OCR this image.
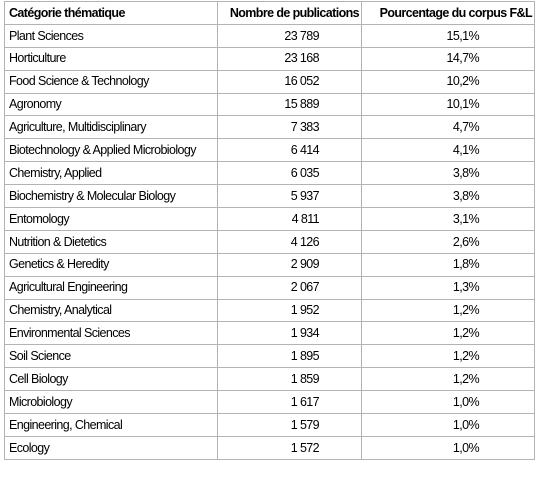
Catégorie thématique	Nombre de publications	Pourcentage du corpus F&L
Plant Sciences	23 789	15,1%
Horticulture	23 168	14,7%
Food Science & Technology	16 052	10,2%
Agronomy	15 889	10,1%
Agriculture, Multidisciplinary	7 383	4,7%
Biotechnology & Applied Microbiology	6 414	4,1%
Chemistry, Applied	6 035	3,8%
Biochemistry & Molecular Biology	5 937	3,8%
Entomology	4 811	3,1%
Nutrition & Dietetics	4 126	2,6%
Genetics & Heredity	2 909	1,8%
Agricultural Engineering	2 067	1,3%
Chemistry, Analytical	1 952	1,2%
Environmental Sciences	1 934	1,2%
Soil Science	1 895	1,2%
Cell Biology	1 859	1,2%
Microbiology	1 617	1,0%
Engineering, Chemical	1 579	1,0%
Ecology	1 572	1,0%
